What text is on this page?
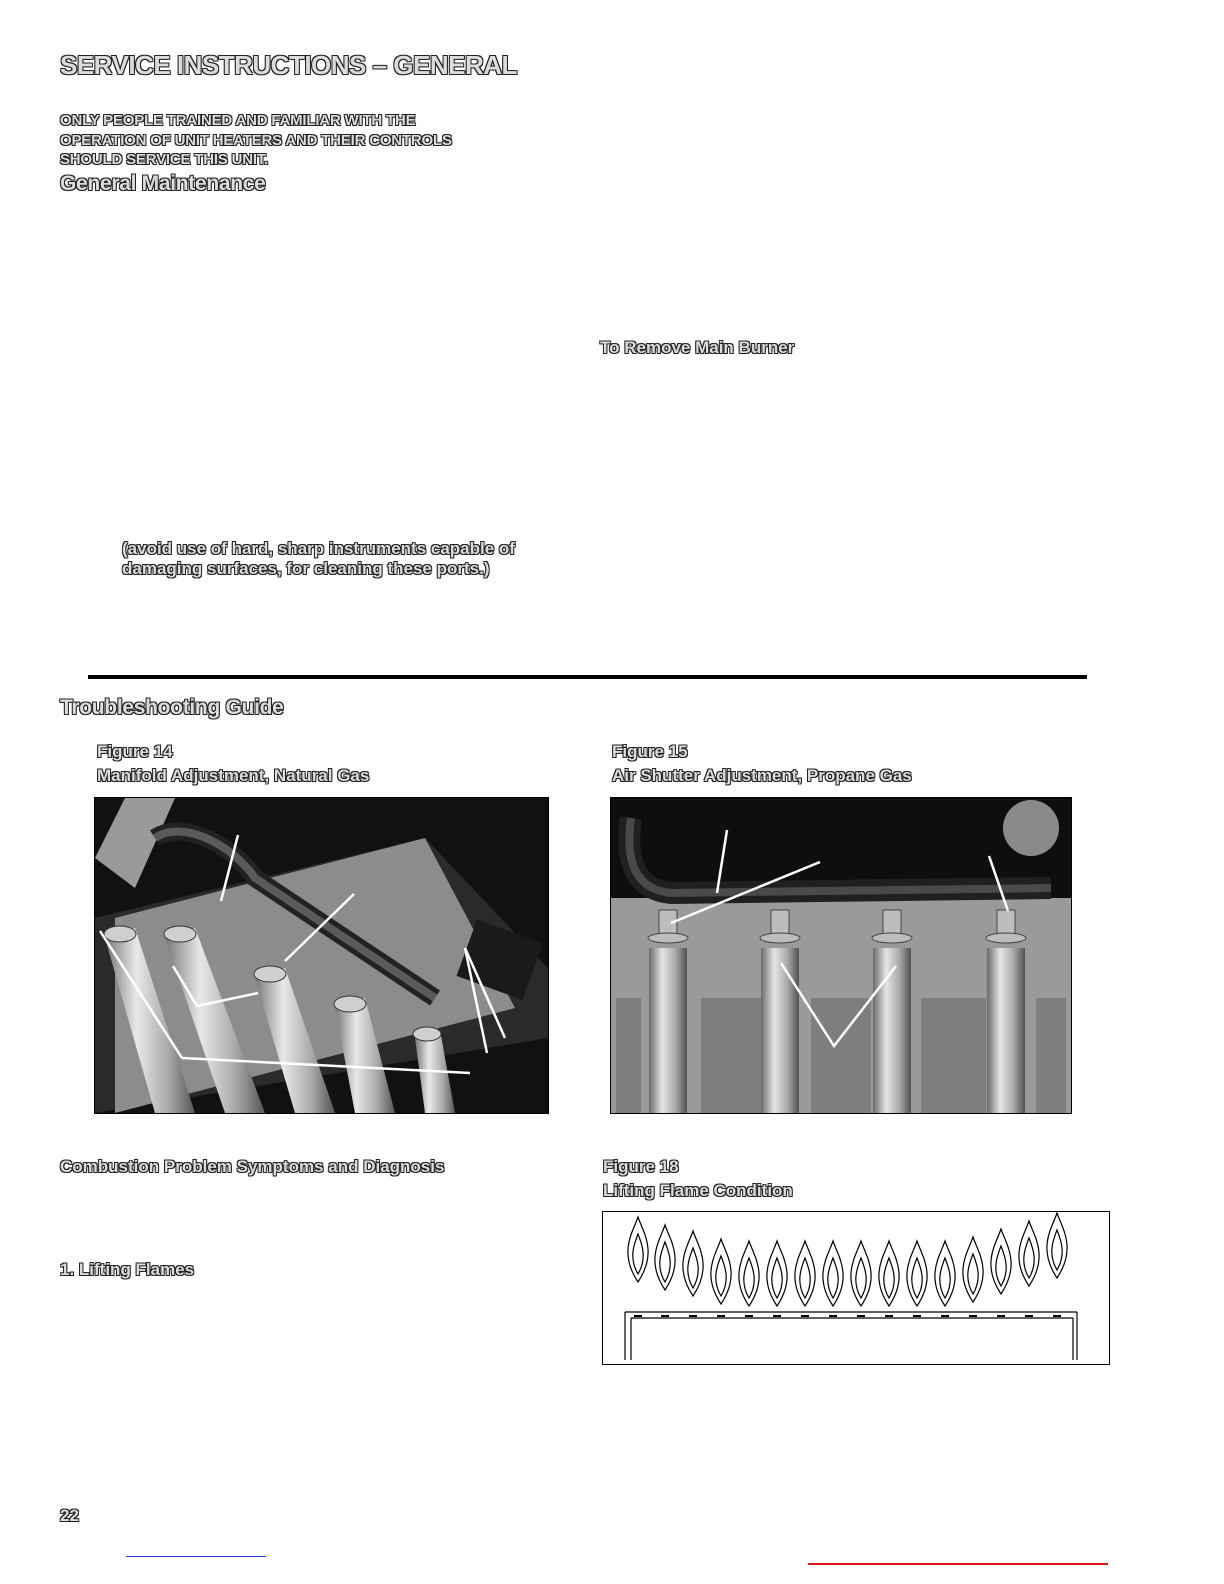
SERVICE INSTRUCTIONS – GENERAL
ONLY PEOPLE TRAINED AND FAMILIAR WITH THE
OPERATION OF UNIT HEATERS AND THEIR CONTROLS
SHOULD SERVICE THIS UNIT.
General Maintenance
To Remove Main Burner
(avoid use of hard, sharp instruments capable of
damaging surfaces, for cleaning these ports.)
Troubleshooting Guide
Figure 14
Manifold Adjustment, Natural Gas
Figure 15
Air Shutter Adjustment, Propane Gas
Combustion Problem Symptoms and Diagnosis
1. Lifting Flames
Figure 18
Lifting Flame Condition
22
